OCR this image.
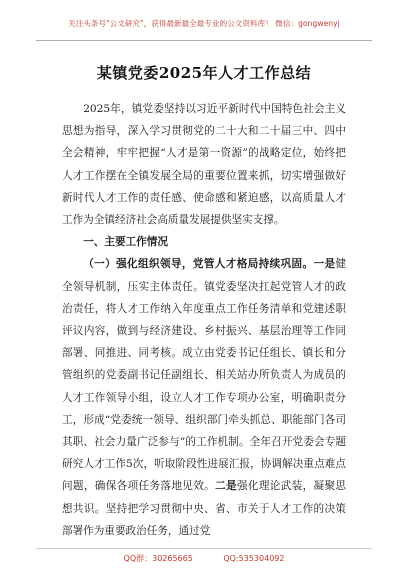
关注头条号"公文研究"，获得最新最全最专业的公文资料库！ 微信：gongwenyj
某镇党委2025年人才工作总结

2025年，镇党委坚持以习近平新时代中国特色社会主义思想为指导，深入学习贯彻党的二十大和二十届三中、四中全会精神，牢牢把握“人才是第一资源”的战略定位，始终把人才工作摆在全镇发展全局的重要位置来抓，切实增强做好新时代人才工作的责任感、使命感和紧迫感，以高质量人才工作为全镇经济社会高质量发展提供坚实支撑。

一、主要工作情况

（一）强化组织领导，党管人才格局持续巩固。一是健全领导机制，压实主体责任。镇党委坚决扛起党管人才的政治责任，将人才工作纳入年度重点工作任务清单和党建述职评议内容，做到与经济建设、乡村振兴、基层治理等工作同部署、同推进、同考核。成立由党委书记任组长、镇长和分管组织的党委副书记任副组长、相关站办所负责人为成员的人才工作领导小组，设立人才工作专项办公室，明确职责分工，形成“党委统一领导、组织部门牵头抓总、职能部门各司其职、社会力量广泛参与”的工作机制。全年召开党委会专题研究人才工作5次，听取阶段性进展汇报，协调解决重点难点问题，确保各项任务落地见效。二是强化理论武装，凝聚思想共识。坚持把学习贯彻中央、省、市关于人才工作的决策部署作为重要政治任务，通过党

QQ群：30265665	QQ:535304092
